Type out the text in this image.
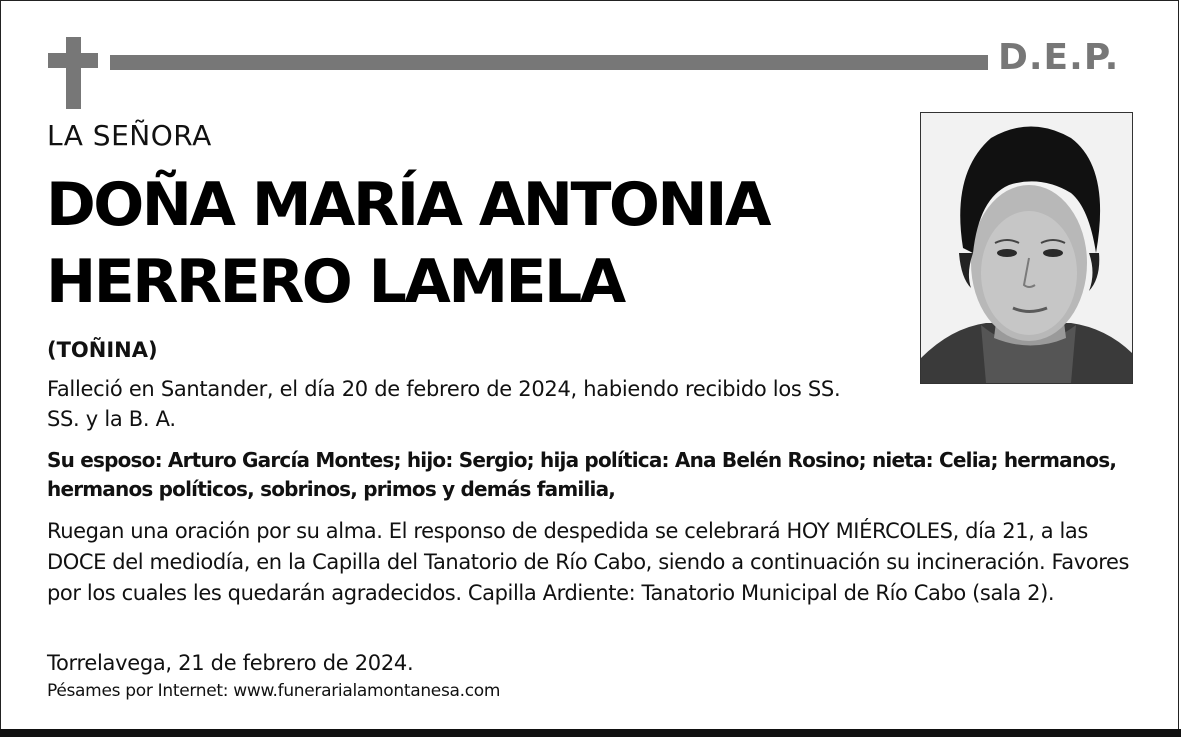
D.E.P.
LA SEÑORA
DOÑA MARÍA ANTONIA
HERRERO LAMELA
(TOÑINA)
Falleció en Santander, el día 20 de febrero de 2024, habiendo recibido los SS. SS. y la B. A.
Su esposo: Arturo García Montes; hijo: Sergio; hija política: Ana Belén Rosino; nieta: Celia; hermanos, hermanos políticos, sobrinos, primos y demás familia,
Ruegan una oración por su alma. El responso de despedida se celebrará HOY MIÉRCOLES, día 21, a las DOCE del mediodía, en la Capilla del Tanatorio de Río Cabo, siendo a continuación su incineración. Favores por los cuales les quedarán agradecidos. Capilla Ardiente: Tanatorio Municipal de Río Cabo (sala 2).
Torrelavega, 21 de febrero de 2024.
Pésames por Internet: www.funerarialamontanesa.com
